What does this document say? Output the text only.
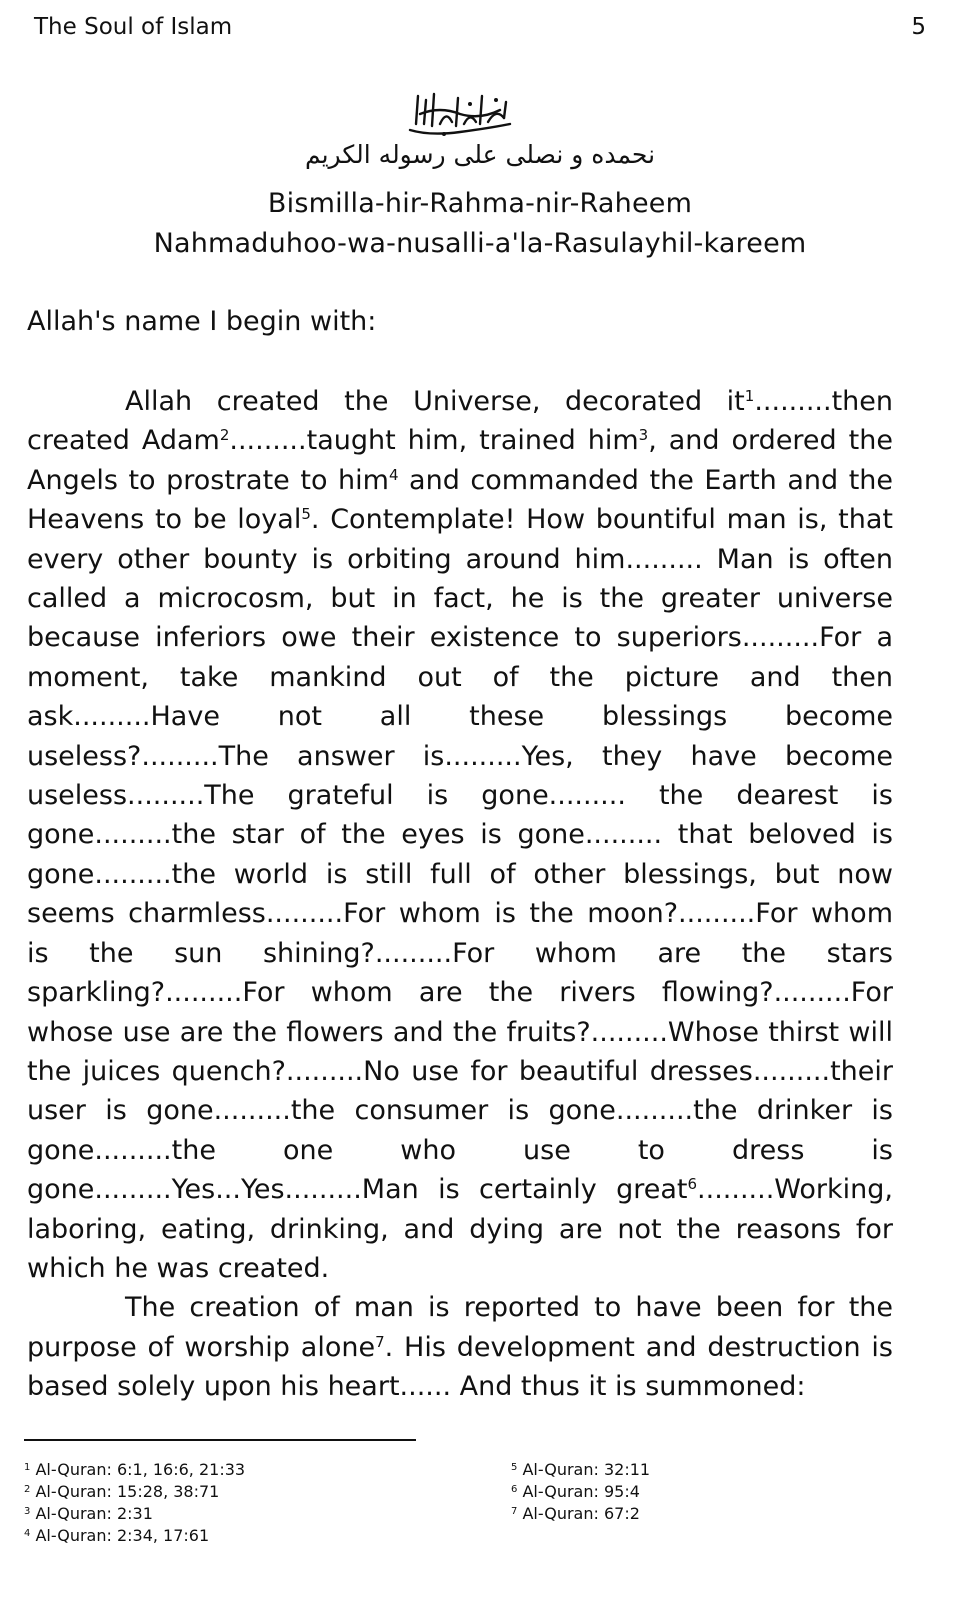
The Soul of Islam	5
نحمده و نصلى على رسوله الكريم
Bismilla-hir-Rahma-nir-Raheem
Nahmaduhoo-wa-nusalli-a'la-Rasulayhil-kareem
Allah's name I begin with:

Allah created the Universe, decorated $it^1.........then$ created Adam$^2$.........taught him, trained him$^3$, and ordered the Angels to prostrate to him$^4$ and commanded the Earth and the Heavens to be loyal$^5$. Contemplate! How bountiful man is, that every other bounty is orbiting around him......... Man is often called a microcosm, but in fact, he is the greater universe because inferiors owe their existence to superiors.........For a moment, take mankind out of the picture and then ask.........Have not all these blessings become useless?.........The answer is.........Yes, they have become useless.........The grateful is gone......... the dearest is gone.........the star of the eyes is gone......... that beloved is gone.........the world is still full of other blessings, but now seems charmless.........For whom is the moon?.........For whom is the sun shining?.........For whom are the stars sparkling?.........For whom are the rivers flowing?.........For whose use are the flowers and the fruits?.........Whose thirst will the juices quench?.........No use for beautiful dresses.........their user is gone.........the consumer is gone.........the drinker is gone.........the one who use to dress is gone.........Yes...Yes.........Man is certainly great$^6$.........Working, laboring, eating, drinking, and dying are not the reasons for which he was created.

The creation of man is reported to have been for the purpose of worship alone$^7$. His development and destruction is based solely upon his heart...... And thus it is summoned:

$^1$ Al-Quran: 6:1, 16:6, 21:33
$^2$ Al-Quran: 15:28, 38:71
$^3$ Al-Quran: 2:31
$^4$ Al-Quran: 2:34, 17:61
$^5$ Al-Quran: 32:11
$^6$ Al-Quran: 95:4
$^7$ Al-Quran: 67:2
